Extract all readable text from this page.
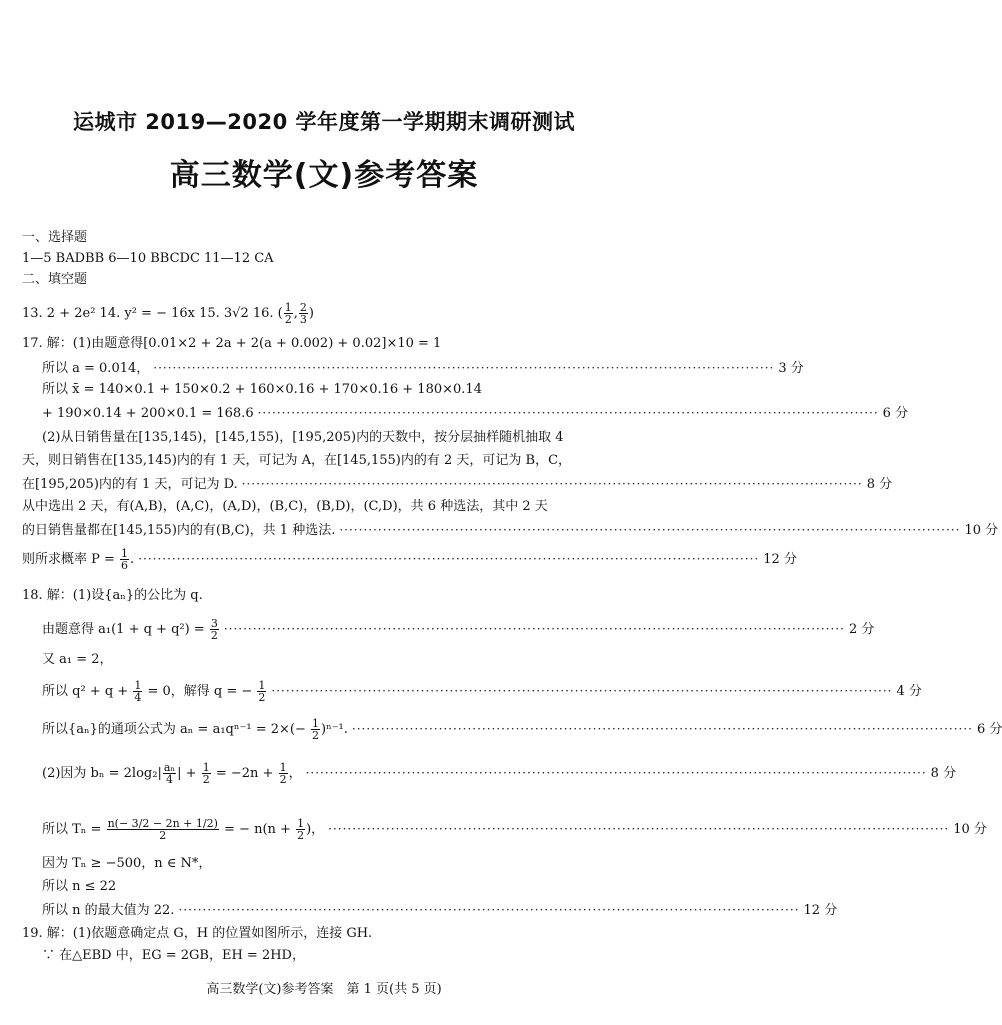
运城市 2019—2020 学年度第一学期期末调研测试
高三数学(文)参考答案
一、选择题
1—5 BADBB 6—10 BBCDC 11—12 CA
二、填空题
13. 2 + 2e² 14. y² = − 16x 15. 3√2 16. ( $\frac{1}{2}$ , $\frac{2}{3}$ )
17. 解：(1)由题意得[0.01×2 + 2a + 2(a + 0.002) + 0.02]×10 = 1
所以 a = 0.014， ································································································································· 3 分
所以 x̄ = 140×0.1 + 150×0.2 + 160×0.16 + 170×0.16 + 180×0.14
+ 190×0.14 + 200×0.1 = 168.6 ································································································································· 6 分
(2)从日销售量在[135,145)，[145,155)，[195,205)内的天数中，按分层抽样随机抽取 4
天，则日销售在[135,145)内的有 1 天，可记为 A，在[145,155)内的有 2 天，可记为 B，C，
在[195,205)内的有 1 天，可记为 D. ································································································································· 8 分
从中选出 2 天，有(A,B)，(A,C)，(A,D)，(B,C)，(B,D)，(C,D)，共 6 种选法，其中 2 天
的日销售量都在[145,155)内的有(B,C)，共 1 种选法. ································································································································· 10 分
则所求概率 $P = \frac{1}{6}$ . ································································································································· 12 分
18. 解：(1)设{aₙ}的公比为 q.
由题意得 $a_1(1 + q + q^2) = \frac{3}{2}$ ································································································································· 2 分
又 a₁ = 2，
所以 $q^2 + q + \frac{1}{4} = 0$，解得 q = − $\frac{1}{2}$ ································································································································· 4 分
所以{aₙ}的通项公式为 $a_n = a_1q^{n-1} = 2\times(- \frac{1}{2} )^{n-1}$. ································································································································· 6 分
(2)因为 $b_n = 2\log_2| \frac{\text{aₙ}}{4}$ | + $\frac{1}{2} = -2n + \frac{1}{2}$ ， ································································································································· 8 分
所以 $T_n = \frac{n(- 3/2 - 2n + 1/2)}{2}$ = − $n(n + \frac{1}{2}$ )， ································································································································· 10 分
因为 Tₙ ≥ −500，n ∈ N*，
所以 n ≤ 22
所以 n 的最大值为 22. ································································································································· 12 分
19. 解：(1)依题意确定点 G，H 的位置如图所示，连接 GH.
∵ 在△EBD 中，EG = 2GB，EH = 2HD，
高三数学(文)参考答案　第 1 页(共 5 页)
